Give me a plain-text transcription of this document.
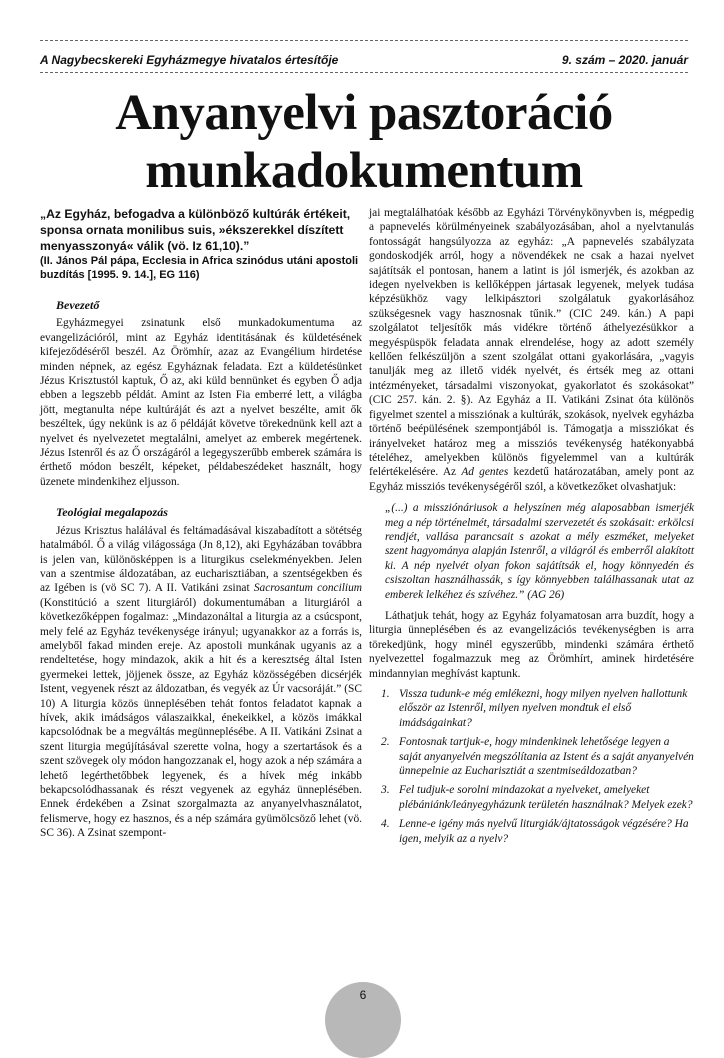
A Nagybecskereki Egyházmegye hivatalos értesítője	9. szám – 2020. január
Anyanyelvi pasztoráció
munkadokumentum

„Az Egyház, befogadva a különböző kultúrák értékeit, sponsa ornata monilibus suis, »ékszerekkel díszített menyasszonyá« válik (vö. Iz 61,10).”

(II. János Pál pápa, Ecclesia in Africa szinódus utáni apostoli buzdítás [1995. 9. 14.], EG 116)

Bevezető

Egyházmegyei zsinatunk első munkadokumentuma az evangelizációról, mint az Egyház identitásának és küldetésének kifejeződéséről beszél. Az Örömhír, azaz az Evangélium hirdetése minden népnek, az egész Egyháznak feladata. Ezt a küldetésünket Jézus Krisztustól kaptuk, Ő az, aki küld bennünket és egyben Ő adja ebben a legszebb példát. Amint az Isten Fia emberré lett, a világba jött, megtanulta népe kultúráját és azt a nyelvet beszélte, amit ők beszéltek, úgy nekünk is az ő példáját követve törekednünk kell azt a nyelvet és nyelvezetet megtalálni, amelyet az emberek megértenek. Jézus Istenről és az Ő országáról a legegyszerűbb emberek számára is érthető módon beszélt, képeket, példabeszédeket használt, hogy üzenete mindenkihez eljusson.

Teológiai megalapozás

Jézus Krisztus halálával és feltámadásával kiszabadított a sötétség hatalmából. Ő a világ világossága (Jn 8,12), aki Egyházában továbbra is jelen van, különösképpen is a liturgikus cselekményekben. Jelen van a szentmise áldozatában, az eucharisztiában, a szentségekben és az Igében is (vö SC 7). A II. Vatikáni zsinat Sacrosantum concilium (Konstitúció a szent liturgiáról) dokumentumában a liturgiáról a következőképpen fogalmaz: „Mindazonáltal a liturgia az a csúcspont, mely felé az Egyház tevékenysége irányul; ugyanakkor az a forrás is, amelyből fakad minden ereje. Az apostoli munkának ugyanis az a rendeltetése, hogy mindazok, akik a hit és a keresztség által Isten gyermekei lettek, jöjjenek össze, az Egyház közösségében dicsérjék Istent, vegyenek részt az áldozatban, és vegyék az Úr vacsoráját.” (SC 10) A liturgia közös ünneplésében tehát fontos feladatot kapnak a hívek, akik imádságos válaszaikkal, énekeikkel, a közös imákkal kapcsolódnak be a megváltás megünneplésébe. A II. Vatikáni Zsinat a szent liturgia megújításával szerette volna, hogy a szertartások és a szent szövegek oly módon hangozzanak el, hogy azok a nép számára a lehető legérthetőbbek legyenek, és a hívek még inkább bekapcsolódhassanak és részt vegyenek az egyház ünneplésében. Ennek érdekében a Zsinat szorgalmazta az anyanyelvhasználatot, felismerve, hogy ez hasznos, és a nép számára gyümölcsöző lehet (vö. SC 36). A Zsinat szempont-

jai megtalálhatóak később az Egyházi Törvénykönyvben is, mégpedig a papnevelés körülményeinek szabályozásában, ahol a nyelvtanulás fontosságát hangsúlyozza az egyház: „A papnevelés szabályzata gondoskodjék arról, hogy a növendékek ne csak a hazai nyelvet sajátítsák el pontosan, hanem a latint is jól ismerjék, és azokban az idegen nyelvekben is kellőképpen jártasak legyenek, melyek tudása képzésükhöz vagy lelkipásztori szolgálatuk gyakorlásához szükségesnek vagy hasznosnak tűnik.” (CIC 249. kán.) A papi szolgálatot teljesítők más vidékre történő áthelyezésükkor a megyéspüspök feladata annak elrendelése, hogy az adott személy kellően felkészüljön a szent szolgálat ottani gyakorlására, „vagyis tanulják meg az illető vidék nyelvét, és értsék meg az ottani intézményeket, társadalmi viszonyokat, gyakorlatot és szokásokat” (CIC 257. kán. 2. §). Az Egyház a II. Vatikáni Zsinat óta különös figyelmet szentel a missziónak a kultúrák, szokások, nyelvek egyházba történő beépülésének szempontjából is. Támogatja a missziókat és irányelveket határoz meg a missziós tevékenység hatékonyabbá tételéhez, amelyekben különös figyelemmel van a kultúrák felértékelésére. Az Ad gentes kezdetű határozatában, amely pont az Egyház missziós tevékenységéről szól, a következőket olvashatjuk:

„(...) a missziónáriusok a helyszínen még alaposabban ismerjék meg a nép történelmét, társadalmi szervezetét és szokásait: erkölcsi rendjét, vallása parancsait s azokat a mély eszméket, melyeket szent hagyománya alapján Istenről, a világról és emberről alakított ki. A nép nyelvét olyan fokon sajátítsák el, hogy könnyedén és csiszoltan használhassák, s így könnyebben találhassanak utat az emberek lelkéhez és szívéhez.” (AG 26)

Láthatjuk tehát, hogy az Egyház folyamatosan arra buzdít, hogy a liturgia ünneplésében és az evangelizációs tevékenységben is arra törekedjünk, hogy minél egyszerűbb, mindenki számára érthető nyelvezettel fogalmazzuk meg az Örömhírt, aminek hirdetésére mindannyian meghívást kaptunk.

1. Vissza tudunk-e még emlékezni, hogy milyen nyelven hallottunk először az Istenről, milyen nyelven mondtuk el első imádságainkat?
2. Fontosnak tartjuk-e, hogy mindenkinek lehetősége legyen a saját anyanyelvén megszólítania az Istent és a saját anyanyelvén ünnepelnie az Eucharisztiát a szentmiseáldozatban?
3. Fel tudjuk-e sorolni mindazokat a nyelveket, amelyeket plébániánk/leányegyházunk területén használnak? Melyek ezek?
4. Lenne-e igény más nyelvű liturgiák/ájtatosságok végzésére? Ha igen, melyik az a nyelv?
6
